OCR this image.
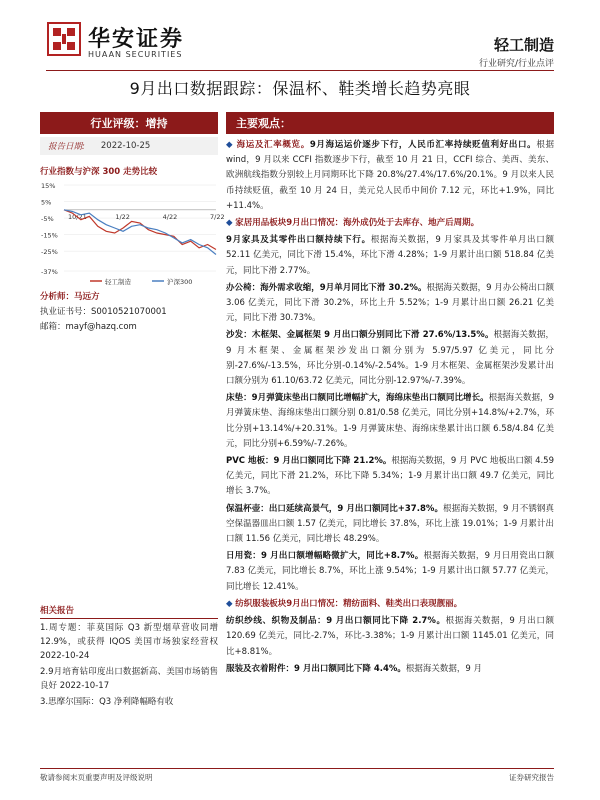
华安证券
HUAAN SECURITIES
轻工制造
行业研究/行业点评
9月出口数据跟踪：保温杯、鞋类增长趋势亮眼
行业评级：增持
报告日期: 2022-10-25
行业指数与沪深 300 走势比较
15%
5%
-5%
-15%
-25%
-37%
10/21	1/22	4/22	7/22
轻工制造	沪深300
分析师：马远方
执业证书号：S0010521070001
邮箱：mayf@hazq.com
相关报告
1.周专题：菲莫国际 Q3 新型烟草营收同增 12.9%，或获得 IQOS 美国市场独家经营权 2022-10-24
2.9月培育钻印度出口数据新高、美国市场销售良好 2022-10-17
3.思摩尔国际：Q3 净利降幅略有收
主要观点：

◆ 海运及汇率概览。9月海运运价逐步下行，人民币汇率持续贬值利好出口。根据 wind，9 月以来 CCFI 指数逐步下行，截至 10 月 21 日，CCFI 综合、美西、美东、欧洲航线指数分别较上月同期环比下降 20.8%/27.4%/17.6%/20.1%。9 月以来人民币持续贬值，截至 10 月 24 日，美元兑人民币中间价 7.12 元，环比+1.9%，同比+11.4%。

◆ 家居用品板块9月出口情况：海外成仍处于去库存、地产后周期。

9月家具及其零件出口额持续下行。根据海关数据，9 月家具及其零件单月出口额 52.11 亿美元，同比下滑 15.4%，环比下滑 4.28%；1-9 月累计出口额 518.84 亿美元，同比下滑 2.77%。

办公椅：海外需求收缩，9月单月同比下滑 30.2%。根据海关数据，9 月办公椅出口额 3.06 亿美元，同比下滑 30.2%，环比上升 5.52%；1-9 月累计出口额 26.21 亿美元，同比下滑 30.73%。

沙发：木框架、金属框架 9 月出口额分别同比下滑 27.6%/13.5%。根据海关数据，9 月木框架、金属框架沙发出口额分别为 5.97/5.97 亿美元，同比分别-27.6%/-13.5%，环比分别-0.14%/-2.54%。1-9 月木框架、金属框架沙发累计出口额分别为 61.10/63.72 亿美元，同比分别-12.97%/-7.39%。

床垫：9月弹簧床垫出口额同比增幅扩大，海绵床垫出口额同比增长。根据海关数据，9 月弹簧床垫、海绵床垫出口额分别 0.81/0.58 亿美元，同比分别+14.8%/+2.7%，环比分别+13.14%/+20.31%。1-9 月弹簧床垫、海绵床垫累计出口额 6.58/4.84 亿美元，同比分别+6.59%/-7.26%。

PVC 地板：9 月出口额同比下降 21.2%。根据海关数据，9 月 PVC 地板出口额 4.59 亿美元，同比下滑 21.2%，环比下降 5.34%；1-9 月累计出口额 49.7 亿美元，同比增长 3.7%。

保温杯壶：出口延续高景气，9 月出口额同比+37.8%。根据海关数据，9 月不锈钢真空保温器皿出口额 1.57 亿美元，同比增长 37.8%，环比上涨 19.01%；1-9 月累计出口额 11.56 亿美元，同比增长 48.29%。

日用瓷：9 月出口额增幅略微扩大，同比+8.7%。根据海关数据，9 月日用瓷出口额 7.83 亿美元，同比增长 8.7%，环比上涨 9.54%；1-9 月累计出口额 57.77 亿美元，同比增长 12.41%。

◆ 纺织服装板块9月出口情况：精纺面料、鞋类出口表现靓丽。

纺织纱线、织物及制品：9 月出口额同比下降 2.7%。根据海关数据，9 月出口额 120.69 亿美元，同比-2.7%，环比-3.38%；1-9 月累计出口额 1145.01 亿美元，同比+8.81%。

服装及衣着附件：9 月出口额同比下降 4.4%。根据海关数据，9 月

敬请参阅末页重要声明及评级说明	证券研究报告
